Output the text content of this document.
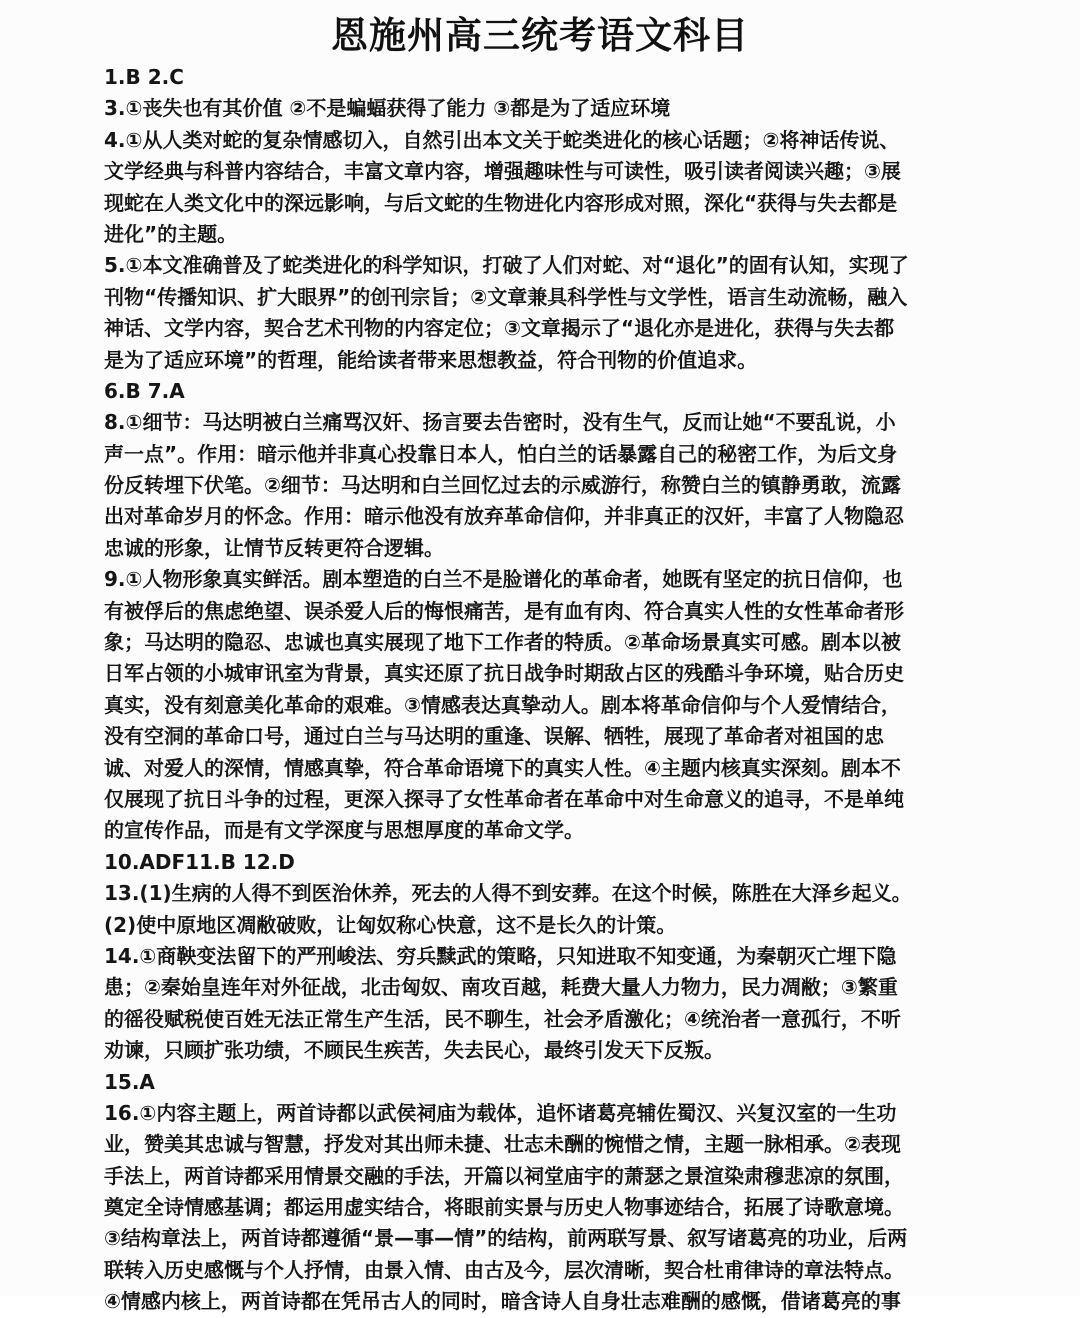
恩施州高三统考语文科目
1.B 2.C
3.①丧失也有其价值 ②不是蝙蝠获得了能力 ③都是为了适应环境
4.①从人类对蛇的复杂情感切入，自然引出本文关于蛇类进化的核心话题；②将神话传说、
文学经典与科普内容结合，丰富文章内容，增强趣味性与可读性，吸引读者阅读兴趣；③展
现蛇在人类文化中的深远影响，与后文蛇的生物进化内容形成对照，深化“获得与失去都是
进化”的主题。
5.①本文准确普及了蛇类进化的科学知识，打破了人们对蛇、对“退化”的固有认知，实现了
刊物“传播知识、扩大眼界”的创刊宗旨；②文章兼具科学性与文学性，语言生动流畅，融入
神话、文学内容，契合艺术刊物的内容定位；③文章揭示了“退化亦是进化，获得与失去都
是为了适应环境”的哲理，能给读者带来思想教益，符合刊物的价值追求。
6.B 7.A
8.①细节：马达明被白兰痛骂汉奸、扬言要去告密时，没有生气，反而让她“不要乱说，小
声一点”。作用：暗示他并非真心投靠日本人，怕白兰的话暴露自己的秘密工作，为后文身
份反转埋下伏笔。②细节：马达明和白兰回忆过去的示威游行，称赞白兰的镇静勇敢，流露
出对革命岁月的怀念。作用：暗示他没有放弃革命信仰，并非真正的汉奸，丰富了人物隐忍
忠诚的形象，让情节反转更符合逻辑。
9.①人物形象真实鲜活。剧本塑造的白兰不是脸谱化的革命者，她既有坚定的抗日信仰，也
有被俘后的焦虑绝望、误杀爱人后的悔恨痛苦，是有血有肉、符合真实人性的女性革命者形
象；马达明的隐忍、忠诚也真实展现了地下工作者的特质。②革命场景真实可感。剧本以被
日军占领的小城审讯室为背景，真实还原了抗日战争时期敌占区的残酷斗争环境，贴合历史
真实，没有刻意美化革命的艰难。③情感表达真挚动人。剧本将革命信仰与个人爱情结合，
没有空洞的革命口号，通过白兰与马达明的重逢、误解、牺牲，展现了革命者对祖国的忠
诚、对爱人的深情，情感真挚，符合革命语境下的真实人性。④主题内核真实深刻。剧本不
仅展现了抗日斗争的过程，更深入探寻了女性革命者在革命中对生命意义的追寻，不是单纯
的宣传作品，而是有文学深度与思想厚度的革命文学。
10.ADF11.B 12.D
13.(1)生病的人得不到医治休养，死去的人得不到安葬。在这个时候，陈胜在大泽乡起义。
(2)使中原地区凋敝破败，让匈奴称心快意，这不是长久的计策。
14.①商鞅变法留下的严刑峻法、穷兵黩武的策略，只知进取不知变通，为秦朝灭亡埋下隐
患；②秦始皇连年对外征战，北击匈奴、南攻百越，耗费大量人力物力，民力凋敝；③繁重
的徭役赋税使百姓无法正常生产生活，民不聊生，社会矛盾激化；④统治者一意孤行，不听
劝谏，只顾扩张功绩，不顾民生疾苦，失去民心，最终引发天下反叛。
15.A
16.①内容主题上，两首诗都以武侯祠庙为载体，追怀诸葛亮辅佐蜀汉、兴复汉室的一生功
业，赞美其忠诚与智慧，抒发对其出师未捷、壮志未酬的惋惜之情，主题一脉相承。②表现
手法上，两首诗都采用情景交融的手法，开篇以祠堂庙宇的萧瑟之景渲染肃穆悲凉的氛围，
奠定全诗情感基调；都运用虚实结合，将眼前实景与历史人物事迹结合，拓展了诗歌意境。
③结构章法上，两首诗都遵循“景—事—情”的结构，前两联写景、叙写诸葛亮的功业，后两
联转入历史感慨与个人抒情，由景入情、由古及今，层次清晰，契合杜甫律诗的章法特点。
④情感内核上，两首诗都在凭吊古人的同时，暗含诗人自身壮志难酬的感慨，借诸葛亮的事
